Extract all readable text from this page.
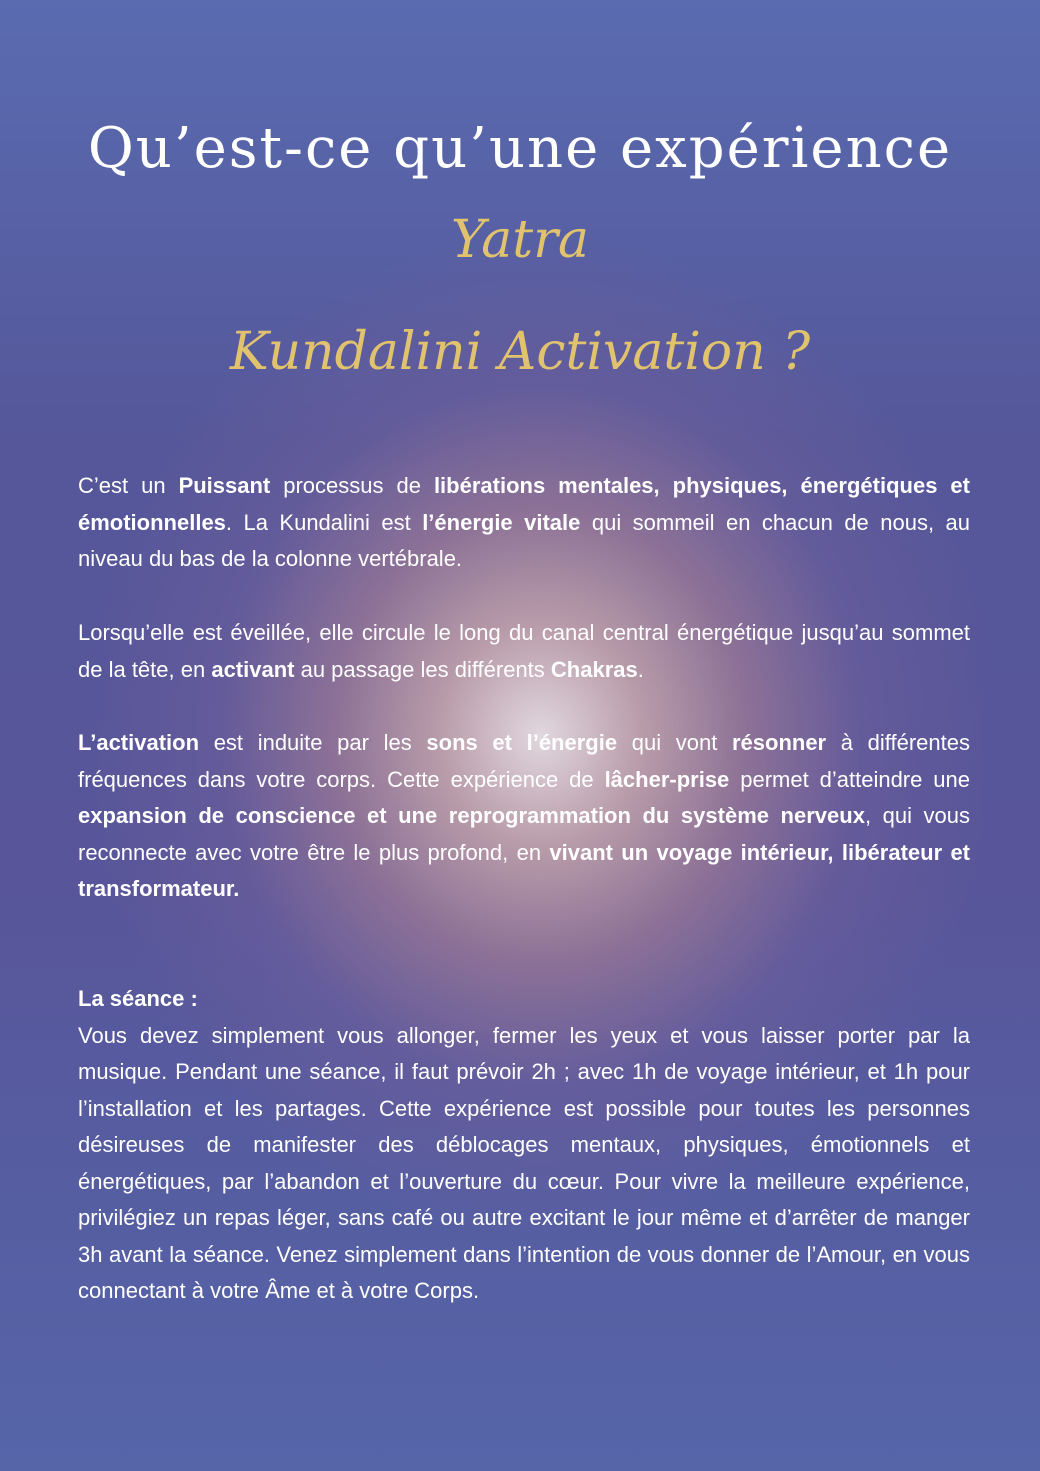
Qu’est-ce qu’une expérience
Yatra
Kundalini Activation ?

C’est un Puissant processus de libérations mentales, physiques, énergétiques et émotionnelles. La Kundalini est l’énergie vitale qui sommeil en chacun de nous, au niveau du bas de la colonne vertébrale.

Lorsqu’elle est éveillée, elle circule le long du canal central énergétique jusqu’au sommet de la tête, en activant au passage les différents Chakras.

L’activation est induite par les sons et l’énergie qui vont résonner à différentes fréquences dans votre corps. Cette expérience de lâcher-prise permet d’atteindre une expansion de conscience et une reprogrammation du système nerveux, qui vous reconnecte avec votre être le plus profond, en vivant un voyage intérieur, libérateur et transformateur.

La séance :

Vous devez simplement vous allonger, fermer les yeux et vous laisser porter par la musique. Pendant une séance, il faut prévoir 2h ; avec 1h de voyage intérieur, et 1h pour l’installation et les partages. Cette expérience est possible pour toutes les personnes désireuses de manifester des déblocages mentaux, physiques, émotionnels et énergétiques, par l’abandon et l’ouverture du cœur. Pour vivre la meilleure expérience, privilégiez un repas léger, sans café ou autre excitant le jour même et d’arrêter de manger 3h avant la séance. Venez simplement dans l’intention de vous donner de l’Amour, en vous connectant à votre Âme et à votre Corps.
